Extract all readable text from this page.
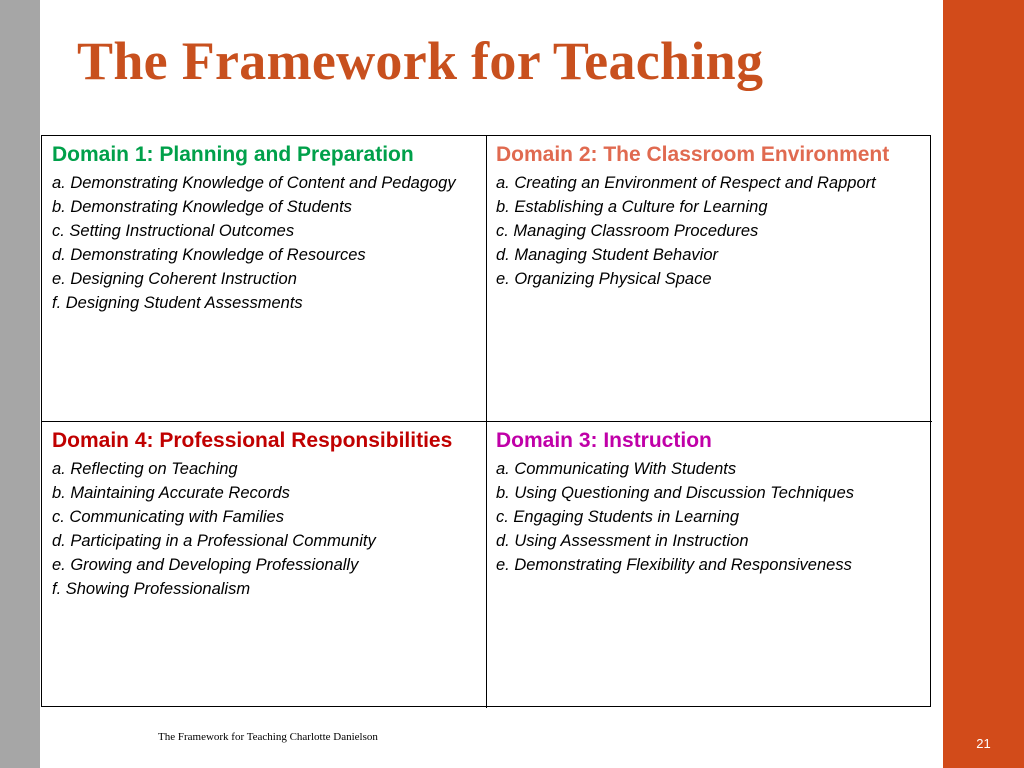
The Framework for Teaching

Domain 1: Planning and Preparation

a. Demonstrating Knowledge of Content and Pedagogy
b. Demonstrating Knowledge of Students
c. Setting Instructional Outcomes
d. Demonstrating Knowledge of Resources
e. Designing Coherent Instruction
f. Designing Student Assessments

Domain 2: The Classroom Environment

a. Creating an Environment of Respect and Rapport
b. Establishing a Culture for Learning
c. Managing Classroom Procedures
d. Managing Student Behavior
e. Organizing Physical Space

Domain 4: Professional Responsibilities

a. Reflecting on Teaching
b. Maintaining Accurate Records
c. Communicating with Families
d. Participating in a Professional Community
e. Growing and Developing Professionally
f. Showing Professionalism

Domain 3: Instruction

a. Communicating With Students
b. Using Questioning and Discussion Techniques
c. Engaging Students in Learning
d. Using Assessment in Instruction
e. Demonstrating Flexibility and Responsiveness
The Framework for Teaching Charlotte Danielson	21
